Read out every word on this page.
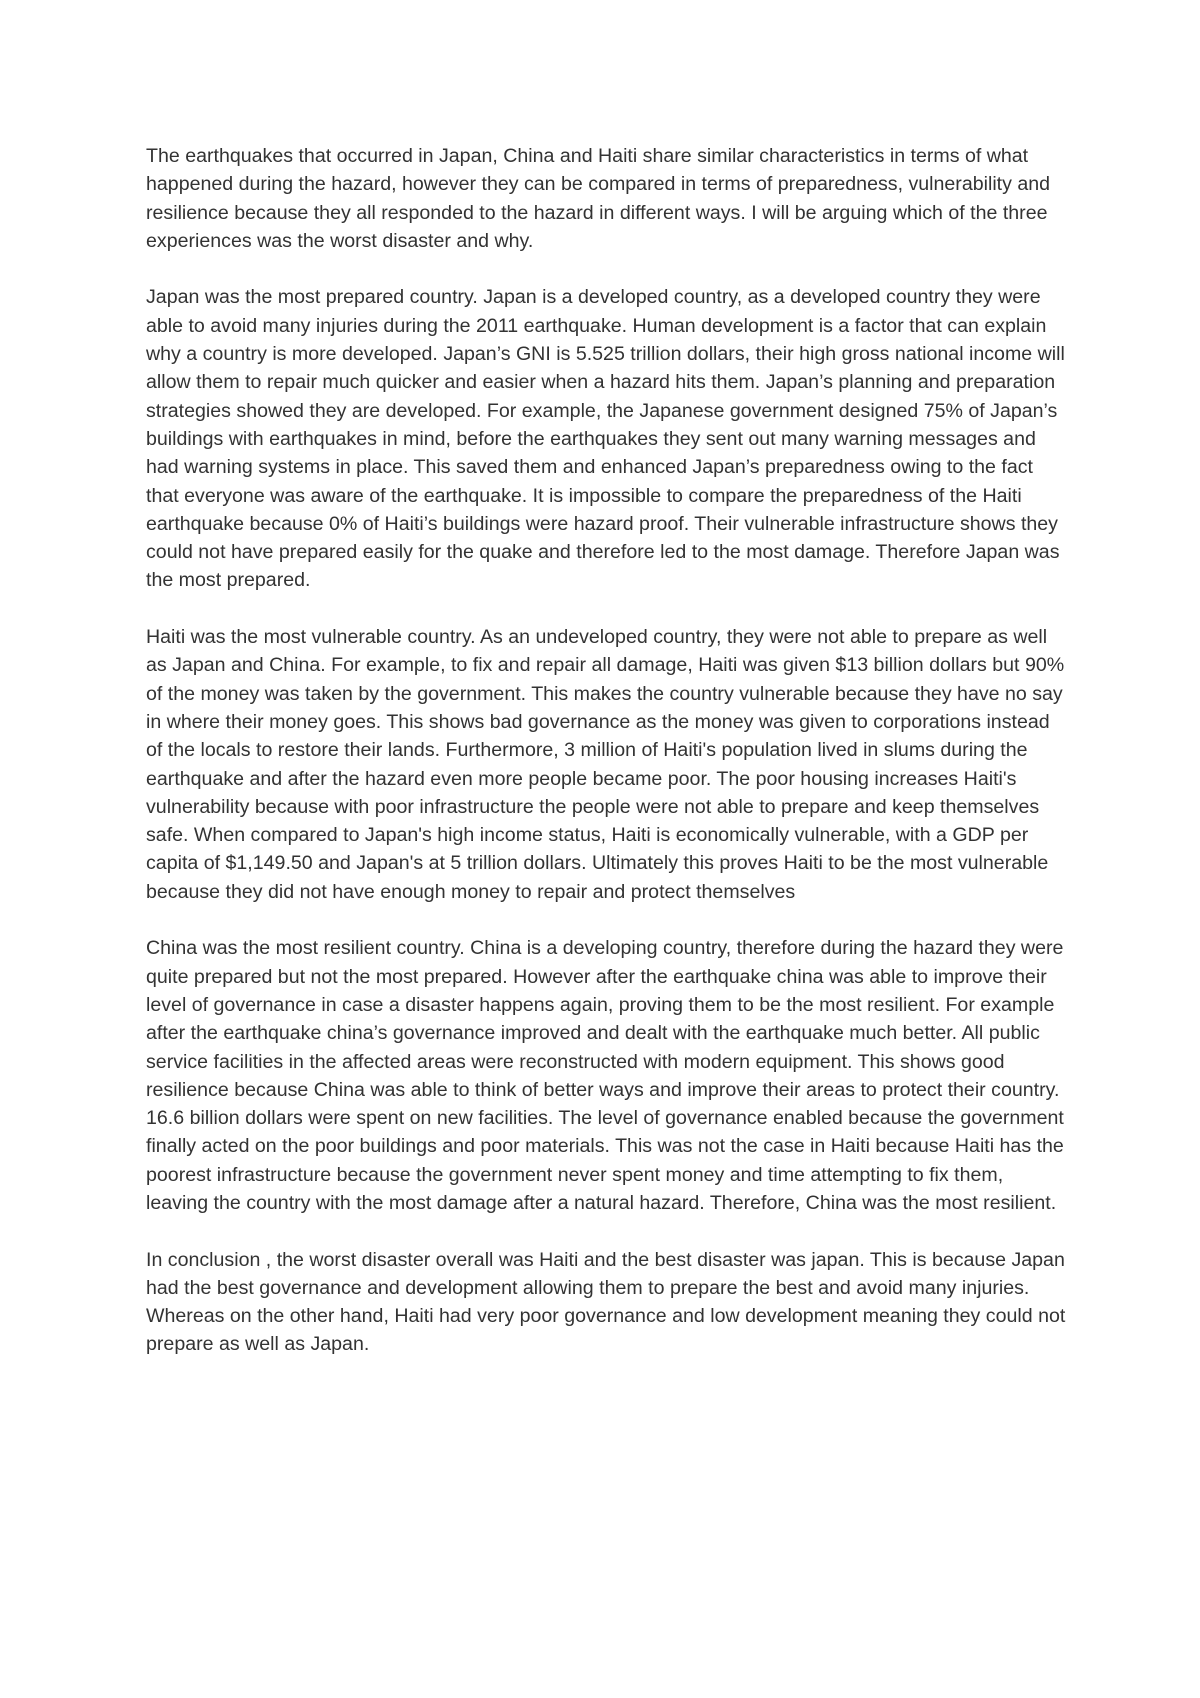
The earthquakes that occurred in Japan, China and Haiti share similar characteristics in terms of what happened during the hazard, however they can be compared in terms of preparedness, vulnerability and resilience because they all responded to the hazard in different ways. I will be arguing which of the three experiences was the worst disaster and why.

Japan was the most prepared country. Japan is a developed country, as a developed country they were able to avoid many injuries during the 2011 earthquake. Human development is a factor that can explain why a country is more developed. Japan’s GNI is 5.525 trillion dollars, their high gross national income will allow them to repair much quicker and easier when a hazard hits them. Japan’s planning and preparation strategies showed they are developed. For example, the Japanese government designed 75% of Japan’s buildings with earthquakes in mind, before the earthquakes they sent out many warning messages and had warning systems in place. This saved them and enhanced Japan’s preparedness owing to the fact that everyone was aware of the earthquake. It is impossible to compare the preparedness of the Haiti earthquake because 0% of Haiti’s buildings were hazard proof. Their vulnerable infrastructure shows they could not have prepared easily for the quake and therefore led to the most damage. Therefore Japan was the most prepared.

Haiti was the most vulnerable country. As an undeveloped country, they were not able to prepare as well as Japan and China. For example, to fix and repair all damage, Haiti was given $13 billion dollars but 90% of the money was taken by the government. This makes the country vulnerable because they have no say in where their money goes. This shows bad governance as the money was given to corporations instead of the locals to restore their lands. Furthermore, 3 million of Haiti's population lived in slums during the earthquake and after the hazard even more people became poor. The poor housing increases Haiti's vulnerability because with poor infrastructure the people were not able to prepare and keep themselves safe. When compared to Japan's high income status, Haiti is economically vulnerable, with a GDP per capita of $1,149.50 and Japan's at 5 trillion dollars. Ultimately this proves Haiti to be the most vulnerable because they did not have enough money to repair and protect themselves

China was the most resilient country. China is a developing country, therefore during the hazard they were quite prepared but not the most prepared. However after the earthquake china was able to improve their level of governance in case a disaster happens again, proving them to be the most resilient. For example after the earthquake china’s governance improved and dealt with the earthquake much better. All public service facilities in the affected areas were reconstructed with modern equipment. This shows good resilience because China was able to think of better ways and improve their areas to protect their country. 16.6 billion dollars were spent on new facilities. The level of governance enabled because the government finally acted on the poor buildings and poor materials. This was not the case in Haiti because Haiti has the poorest infrastructure because the government never spent money and time attempting to fix them, leaving the country with the most damage after a natural hazard. Therefore, China was the most resilient.

In conclusion , the worst disaster overall was Haiti and the best disaster was japan. This is because Japan had the best governance and development allowing them to prepare the best and avoid many injuries. Whereas on the other hand, Haiti had very poor governance and low development meaning they could not prepare as well as Japan.
